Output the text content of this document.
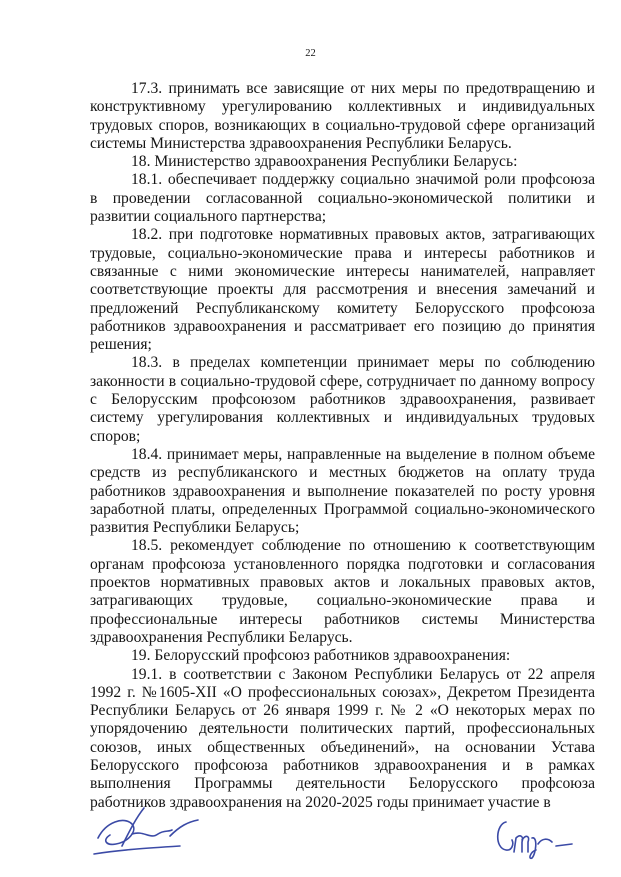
22

17.3. принимать все зависящие от них меры по предотвращению и конструктивному урегулированию коллективных и индивидуальных трудовых споров, возникающих в социально-трудовой сфере организаций системы Министерства здравоохранения Республики Беларусь.

18. Министерство здравоохранения Республики Беларусь:

18.1. обеспечивает поддержку социально значимой роли профсоюза в проведении согласованной социально-экономической политики и развитии социального партнерства;

18.2. при подготовке нормативных правовых актов, затрагивающих трудовые, социально-экономические права и интересы работников и связанные с ними экономические интересы нанимателей, направляет соответствующие проекты для рассмотрения и внесения замечаний и предложений Республиканскому комитету Белорусского профсоюза работников здравоохранения и рассматривает его позицию до принятия решения;

18.3. в пределах компетенции принимает меры по соблюдению законности в социально-трудовой сфере, сотрудничает по данному вопросу с Белорусским профсоюзом работников здравоохранения, развивает систему урегулирования коллективных и индивидуальных трудовых споров;

18.4. принимает меры, направленные на выделение в полном объеме средств из республиканского и местных бюджетов на оплату труда работников здравоохранения и выполнение показателей по росту уровня заработной платы, определенных Программой социально-экономического развития Республики Беларусь;

18.5. рекомендует соблюдение по отношению к соответствующим органам профсоюза установленного порядка подготовки и согласования проектов нормативных правовых актов и локальных правовых актов, затрагивающих трудовые, социально-экономические права и профессиональные интересы работников системы Министерства здравоохранения Республики Беларусь.

19. Белорусский профсоюз работников здравоохранения:

19.1. в соответствии с Законом Республики Беларусь от 22 апреля 1992 г. №1605-XII «О профессиональных союзах», Декретом Президента Республики Беларусь от 26 января 1999 г. № 2 «О некоторых мерах по упорядочению деятельности политических партий, профессиональных союзов, иных общественных объединений», на основании Устава Белорусского профсоюза работников здравоохранения и в рамках выполнения Программы деятельности Белорусского профсоюза работников здравоохранения на 2020-2025 годы принимает участие в
